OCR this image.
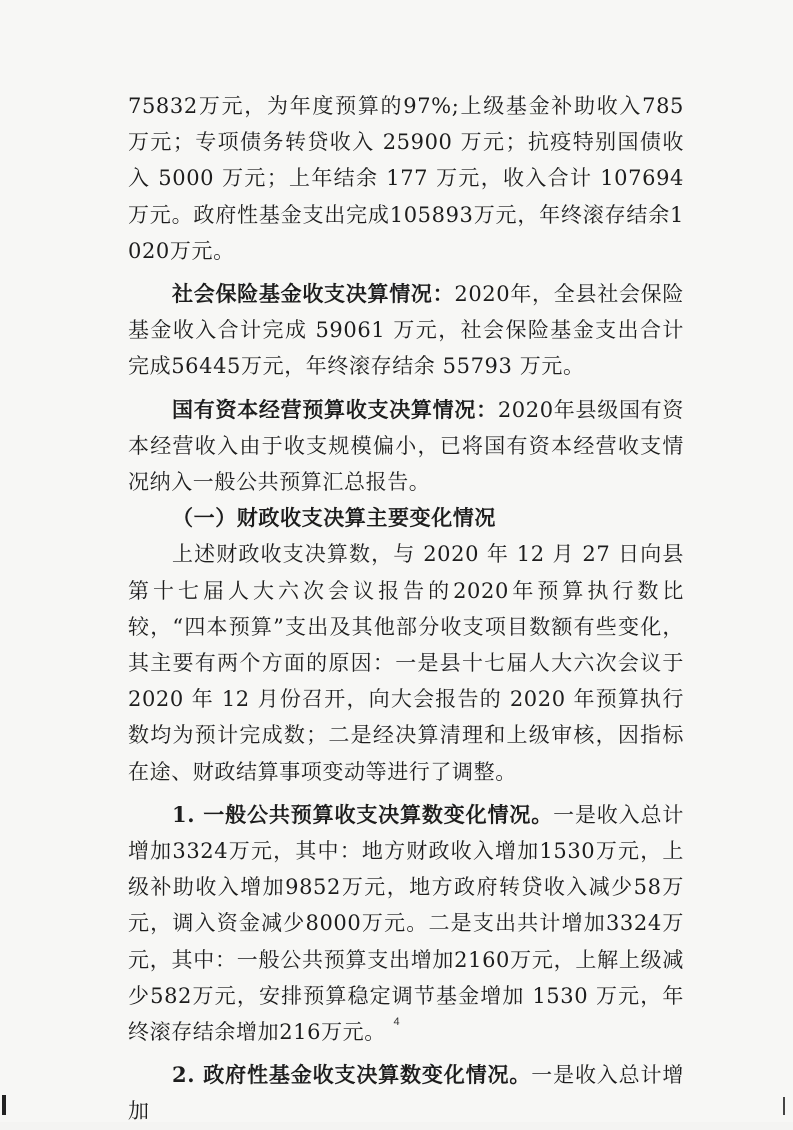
75832万元，为年度预算的97%;上级基金补助收入785万元；专项债务转贷收入 25900 万元；抗疫特别国债收入 5000 万元；上年结余 177 万元，收入合计 107694 万元。政府性基金支出完成105893万元，年终滚存结余1020万元。

社会保险基金收支决算情况：2020年，全县社会保险基金收入合计完成 59061 万元，社会保险基金支出合计完成56445万元，年终滚存结余 55793 万元。

国有资本经营预算收支决算情况：2020年县级国有资本经营收入由于收支规模偏小，已将国有资本经营收支情况纳入一般公共预算汇总报告。

（一）财政收支决算主要变化情况

上述财政收支决算数，与 2020 年 12 月 27 日向县第十七届人大六次会议报告的2020年预算执行数比较，“四本预算”支出及其他部分收支项目数额有些变化，其主要有两个方面的原因：一是县十七届人大六次会议于 2020 年 12 月份召开，向大会报告的 2020 年预算执行数均为预计完成数；二是经决算清理和上级审核，因指标在途、财政结算事项变动等进行了调整。

1. 一般公共预算收支决算数变化情况。一是收入总计增加3324万元，其中：地方财政收入增加1530万元，上级补助收入增加9852万元，地方政府转贷收入减少58万元，调入资金减少8000万元。二是支出共计增加3324万元，其中：一般公共预算支出增加2160万元，上解上级减少582万元，安排预算稳定调节基金增加 1530 万元，年终滚存结余增加216万元。

2. 政府性基金收支决算数变化情况。一是收入总计增加

4
